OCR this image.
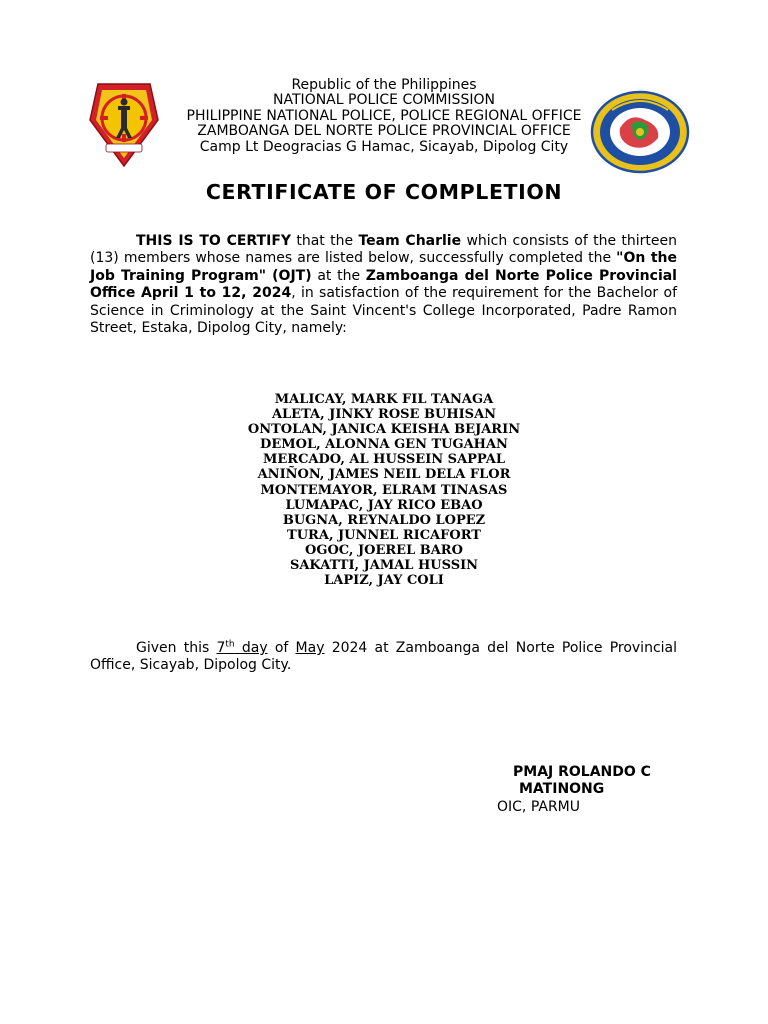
Republic of the Philippines
NATIONAL POLICE COMMISSION
PHILIPPINE NATIONAL POLICE, POLICE REGIONAL OFFICE
ZAMBOANGA DEL NORTE POLICE PROVINCIAL OFFICE
Camp Lt Deogracias G Hamac, Sicayab, Dipolog City
CERTIFICATE OF COMPLETION
THIS IS TO CERTIFY that the Team Charlie which consists of the thirteen (13) members whose names are listed below, successfully completed the "On the Job Training Program" (OJT) at the Zamboanga del Norte Police Provincial Office April 1 to 12, 2024, in satisfaction of the requirement for the Bachelor of Science in Criminology at the Saint Vincent's College Incorporated, Padre Ramon Street, Estaka, Dipolog City, namely:
MALICAY, MARK FIL TANAGA
ALETA, JINKY ROSE BUHISAN
ONTOLAN, JANICA KEISHA BEJARIN
DEMOL, ALONNA GEN TUGAHAN
MERCADO, AL HUSSEIN SAPPAL
ANIÑON, JAMES NEIL DELA FLOR
MONTEMAYOR, ELRAM TINASAS
LUMAPAC, JAY RICO EBAO
BUGNA, REYNALDO LOPEZ
TURA, JUNNEL RICAFORT
OGOC, JOEREL BARO
SAKATTI, JAMAL HUSSIN
LAPIZ, JAY COLI
Given this 7th day of May 2024 at Zamboanga del Norte Police Provincial Office, Sicayab, Dipolog City.
PMAJ ROLANDO C
MATINONG
OIC, PARMU
